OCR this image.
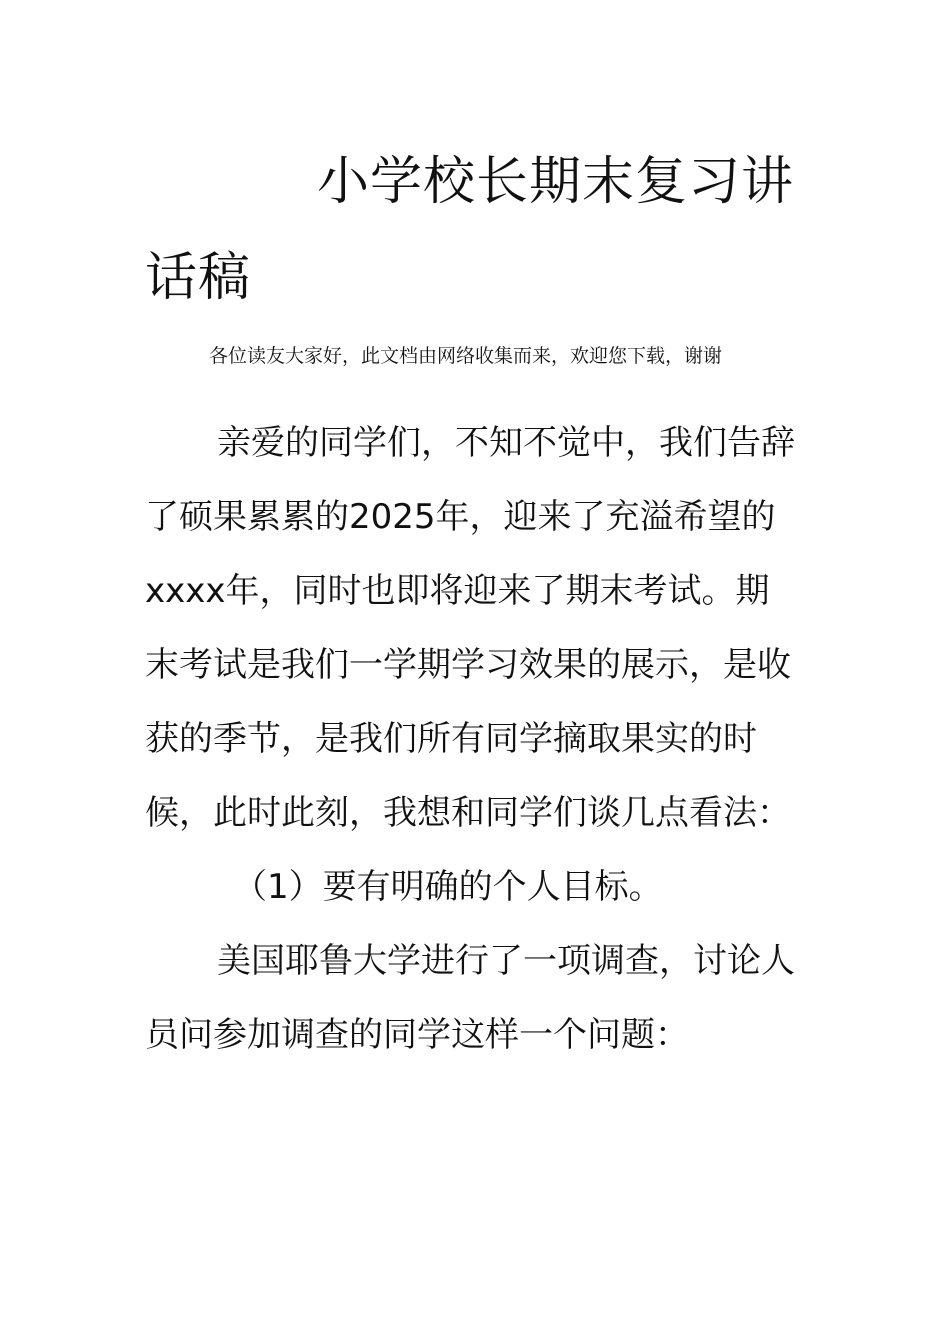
小学校长期末复习讲话稿

各位读友大家好，此文档由网络收集而来，欢迎您下载，谢谢

亲爱的同学们，不知不觉中，我们告辞了硕果累累的2025年，迎来了充溢希望的xxxx年，同时也即将迎来了期末考试。期末考试是我们一学期学习效果的展示，是收获的季节，是我们所有同学摘取果实的时候，此时此刻，我想和同学们谈几点看法：

（1）要有明确的个人目标。

美国耶鲁大学进行了一项调查，讨论人员问参加调查的同学这样一个问题：
